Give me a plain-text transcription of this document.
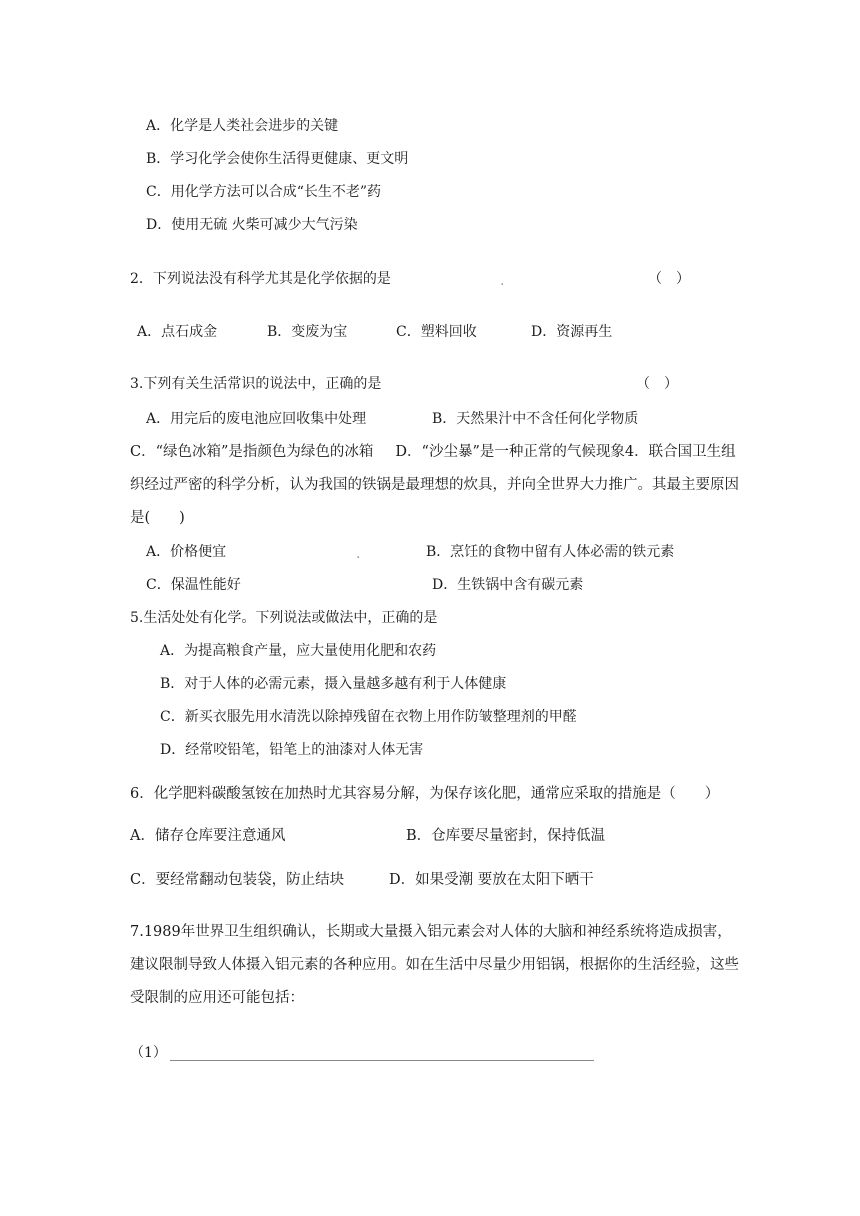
A．化学是人类社会进步的关键
B．学习化学会使你生活得更健康、更文明
C．用化学方法可以合成“长生不老”药
D．使用无硫 火柴可减少大气污染
2．下列说法没有科学尤其是化学依据的是	.	（　）
A．点石成金	B．变废为宝	C．塑料回收	D．资源再生
3.下列有关生活常识的说法中，正确的是	（　）
A．用完后的废电池应回收集中处理	B．天然果汁中不含任何化学物质
C．“绿色冰箱”是指颜色为绿色的冰箱 D．“沙尘暴”是一种正常的气候现象4．联合国卫生组织经过严密的科学分析，认为我国的铁锅是最理想的炊具，并向全世界大力推广。其最主要原因是(　　)
A．价格便宜	.	B．烹饪的食物中留有人体必需的铁元素
C．保温性能好	D．生铁锅中含有碳元素
5.生活处处有化学。下列说法或做法中，正确的是
A．为提高粮食产量，应大量使用化肥和农药
B．对于人体的必需元素，摄入量越多越有利于人体健康
C．新买衣服先用水清洗以除掉残留在衣物上用作防皱整理剂的甲醛
D．经常咬铅笔，铅笔上的油漆对人体无害
6．化学肥料碳酸氢铵在加热时尤其容易分解，为保存该化肥，通常应采取的措施是（　　）
A．储存仓库要注意通风	B．仓库要尽量密封，保持低温
C．要经常翻动包装袋，防止结块	D．如果受潮 要放在太阳下晒干
7.1989年世界卫生组织确认，长期或大量摄入铝元素会对人体的大脑和神经系统将造成损害，建议限制导致人体摄入铝元素的各种应用。如在生活中尽量少用铝锅，根据你的生活经验，这些受限制的应用还可能包括：
（1）
